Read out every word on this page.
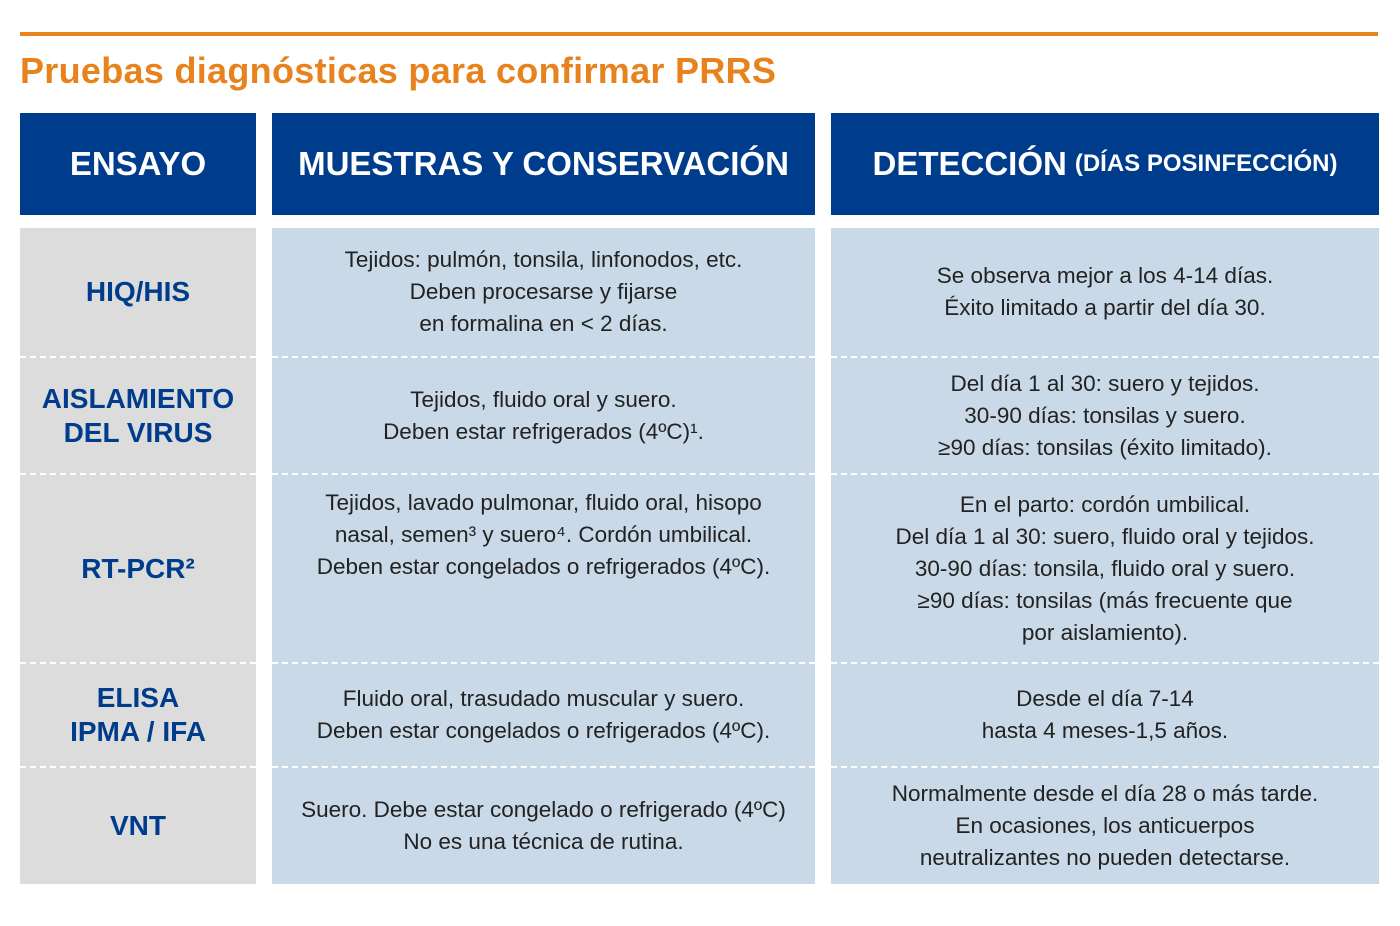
Pruebas diagnósticas para confirmar PRRS
ENSAYO	MUESTRAS Y CONSERVACIÓN	DETECCIÓN (DÍAS POSINFECCIÓN)
HIQ/HIS
AISLAMIENTO
DEL VIRUS
RT-PCR²
ELISA
IPMA / IFA
VNT
Tejidos: pulmón, tonsila, linfonodos, etc.
Deben procesarse y fijarse
en formalina en < 2 días.
Tejidos, fluido oral y suero.
Deben estar refrigerados (4ºC)¹.
Tejidos, lavado pulmonar, fluido oral, hisopo
nasal, semen³ y suero⁴. Cordón umbilical.
Deben estar congelados o refrigerados (4ºC).
Fluido oral, trasudado muscular y suero.
Deben estar congelados o refrigerados (4ºC).
Suero. Debe estar congelado o refrigerado (4ºC)
No es una técnica de rutina.
Se observa mejor a los 4-14 días.
Éxito limitado a partir del día 30.
Del día 1 al 30: suero y tejidos.
30-90 días: tonsilas y suero.
≥90 días: tonsilas (éxito limitado).
En el parto: cordón umbilical.
Del día 1 al 30: suero, fluido oral y tejidos.
30-90 días: tonsila, fluido oral y suero.
≥90 días: tonsilas (más frecuente que
por aislamiento).
Desde el día 7-14
hasta 4 meses-1,5 años.
Normalmente desde el día 28 o más tarde.
En ocasiones, los anticuerpos
neutralizantes no pueden detectarse.
